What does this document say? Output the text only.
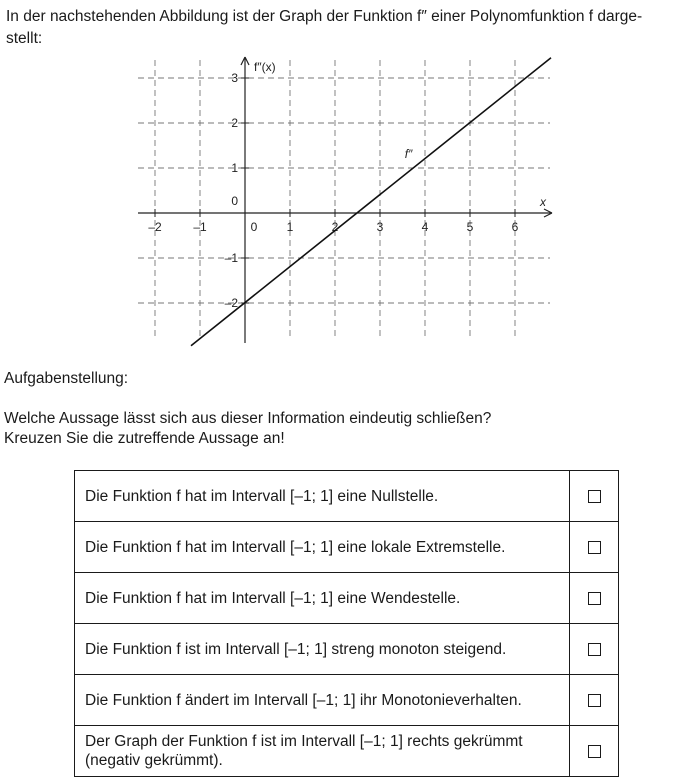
In der nachstehenden Abbildung ist der Graph der Funktion f″ einer Polynomfunktion f darge-
stellt:
–2	–1	0 1	2	3	4	5	6
–2
–1
0
1
2
3
x
f″(x)
f″
Aufgabenstellung:
Welche Aussage lässt sich aus dieser Information eindeutig schließen?
Kreuzen Sie die zutreffende Aussage an!
Die Funktion f hat im Intervall [–1; 1] eine Nullstelle.	
Die Funktion f hat im Intervall [–1; 1] eine lokale Extremstelle.	
Die Funktion f hat im Intervall [–1; 1] eine Wendestelle.	
Die Funktion f ist im Intervall [–1; 1] streng monoton steigend.	
Die Funktion f ändert im Intervall [–1; 1] ihr Monotonieverhalten.	
Der Graph der Funktion f ist im Intervall [–1; 1] rechts gekrümmt (negativ gekrümmt).	
